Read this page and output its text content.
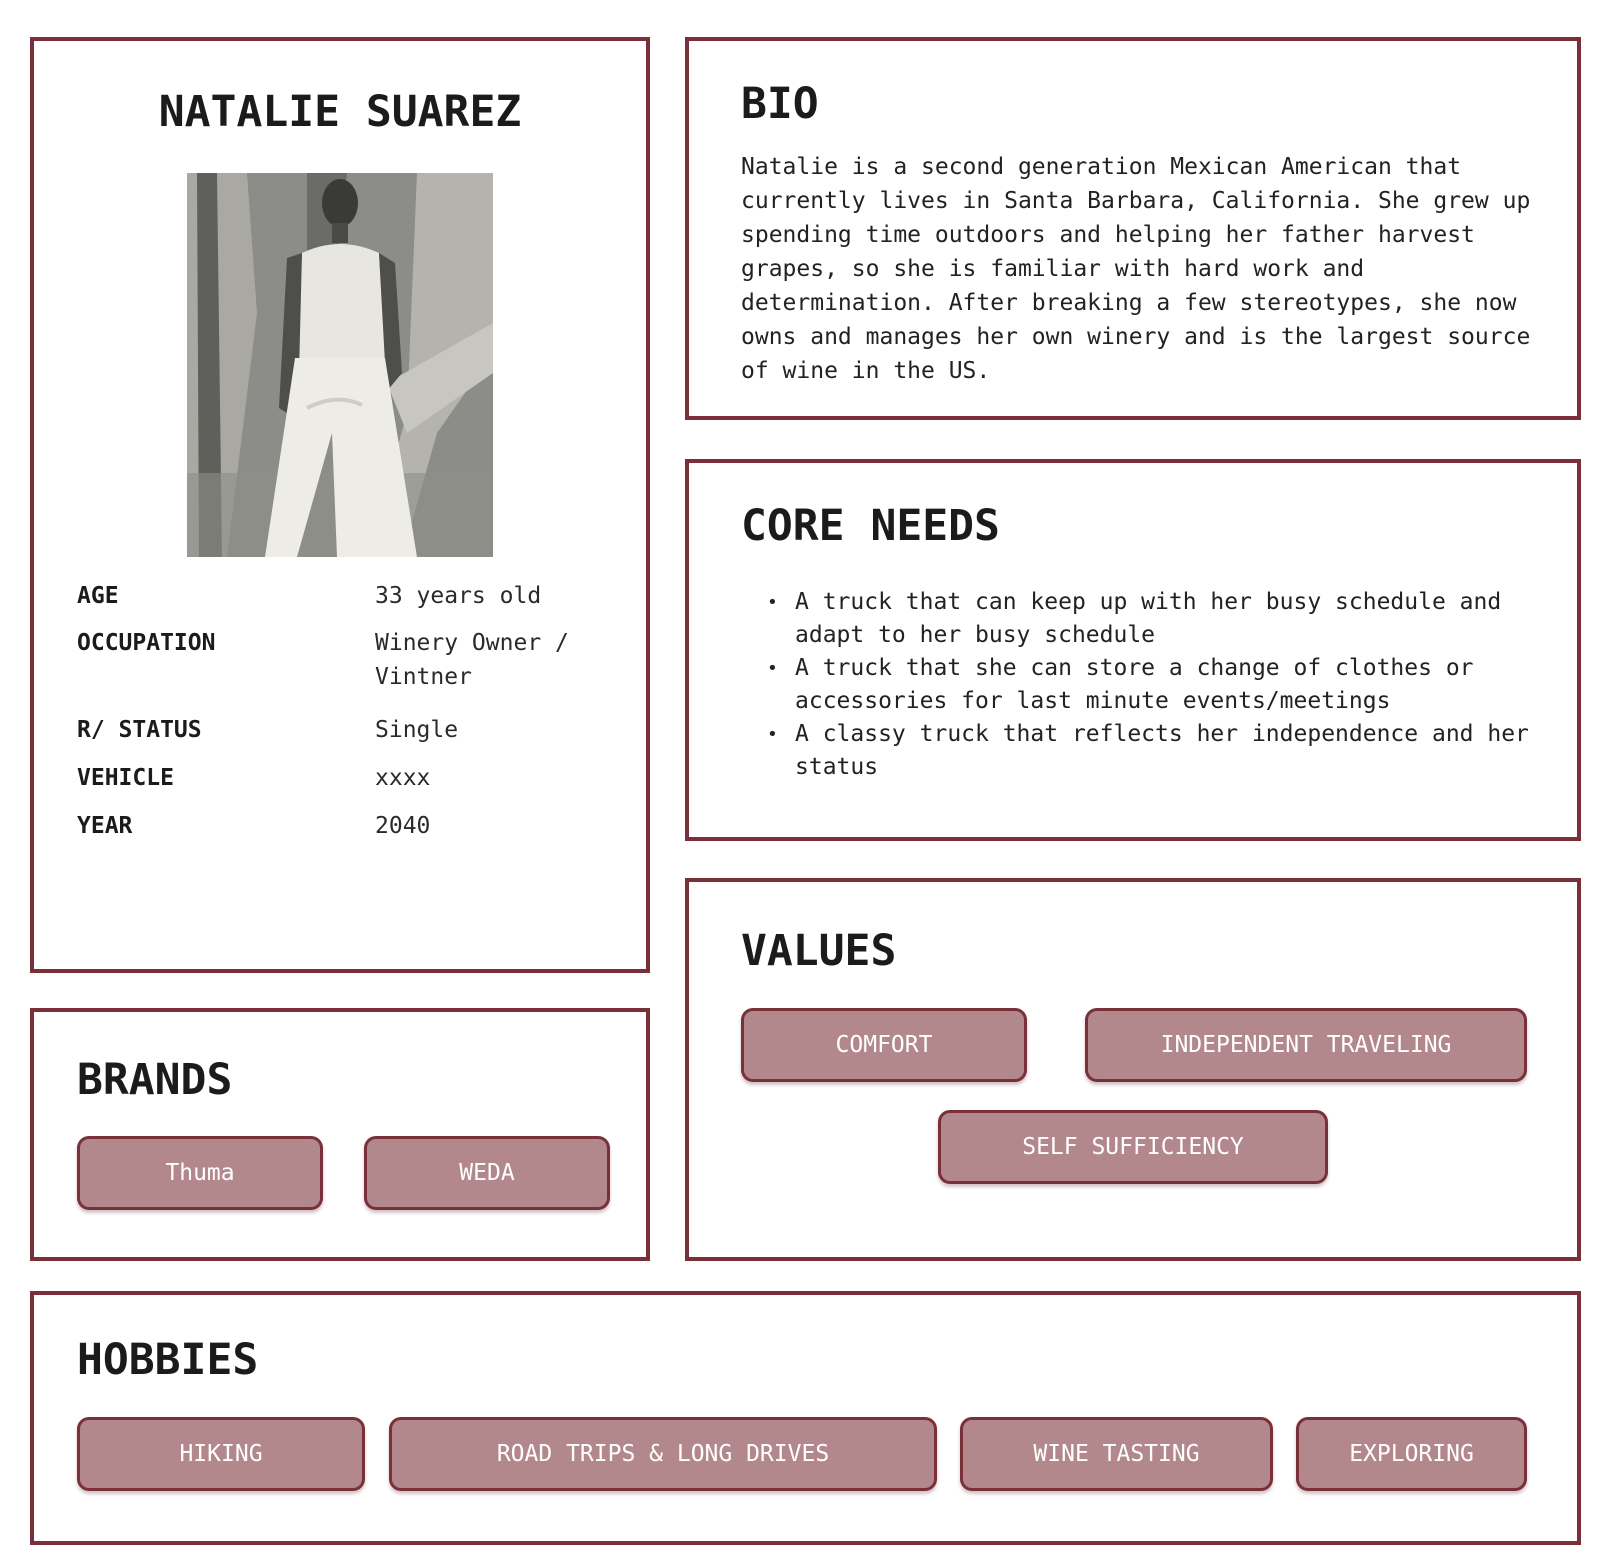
NATALIE SUAREZ
AGE	33 years old
OCCUPATION	Winery Owner / Vintner
R/ STATUS	Single
VEHICLE	xxxx
YEAR	2040
BIO
Natalie is a second generation Mexican American that currently lives in Santa Barbara, California. She grew up spending time outdoors and helping her father harvest grapes, so she is familiar with hard work and determination. After breaking a few stereotypes, she now owns and manages her own winery and is the largest source of wine in the US.
CORE NEEDS
• A truck that can keep up with her busy schedule and adapt to her busy schedule
• A truck that she can store a change of clothes or accessories for last minute events/meetings
• A classy truck that reflects her independence and her status
VALUES
COMFORT	INDEPENDENT TRAVELING
SELF SUFFICIENCY
BRANDS
Thuma	WEDA
HOBBIES
HIKING	ROAD TRIPS & LONG DRIVES	WINE TASTING	EXPLORING
